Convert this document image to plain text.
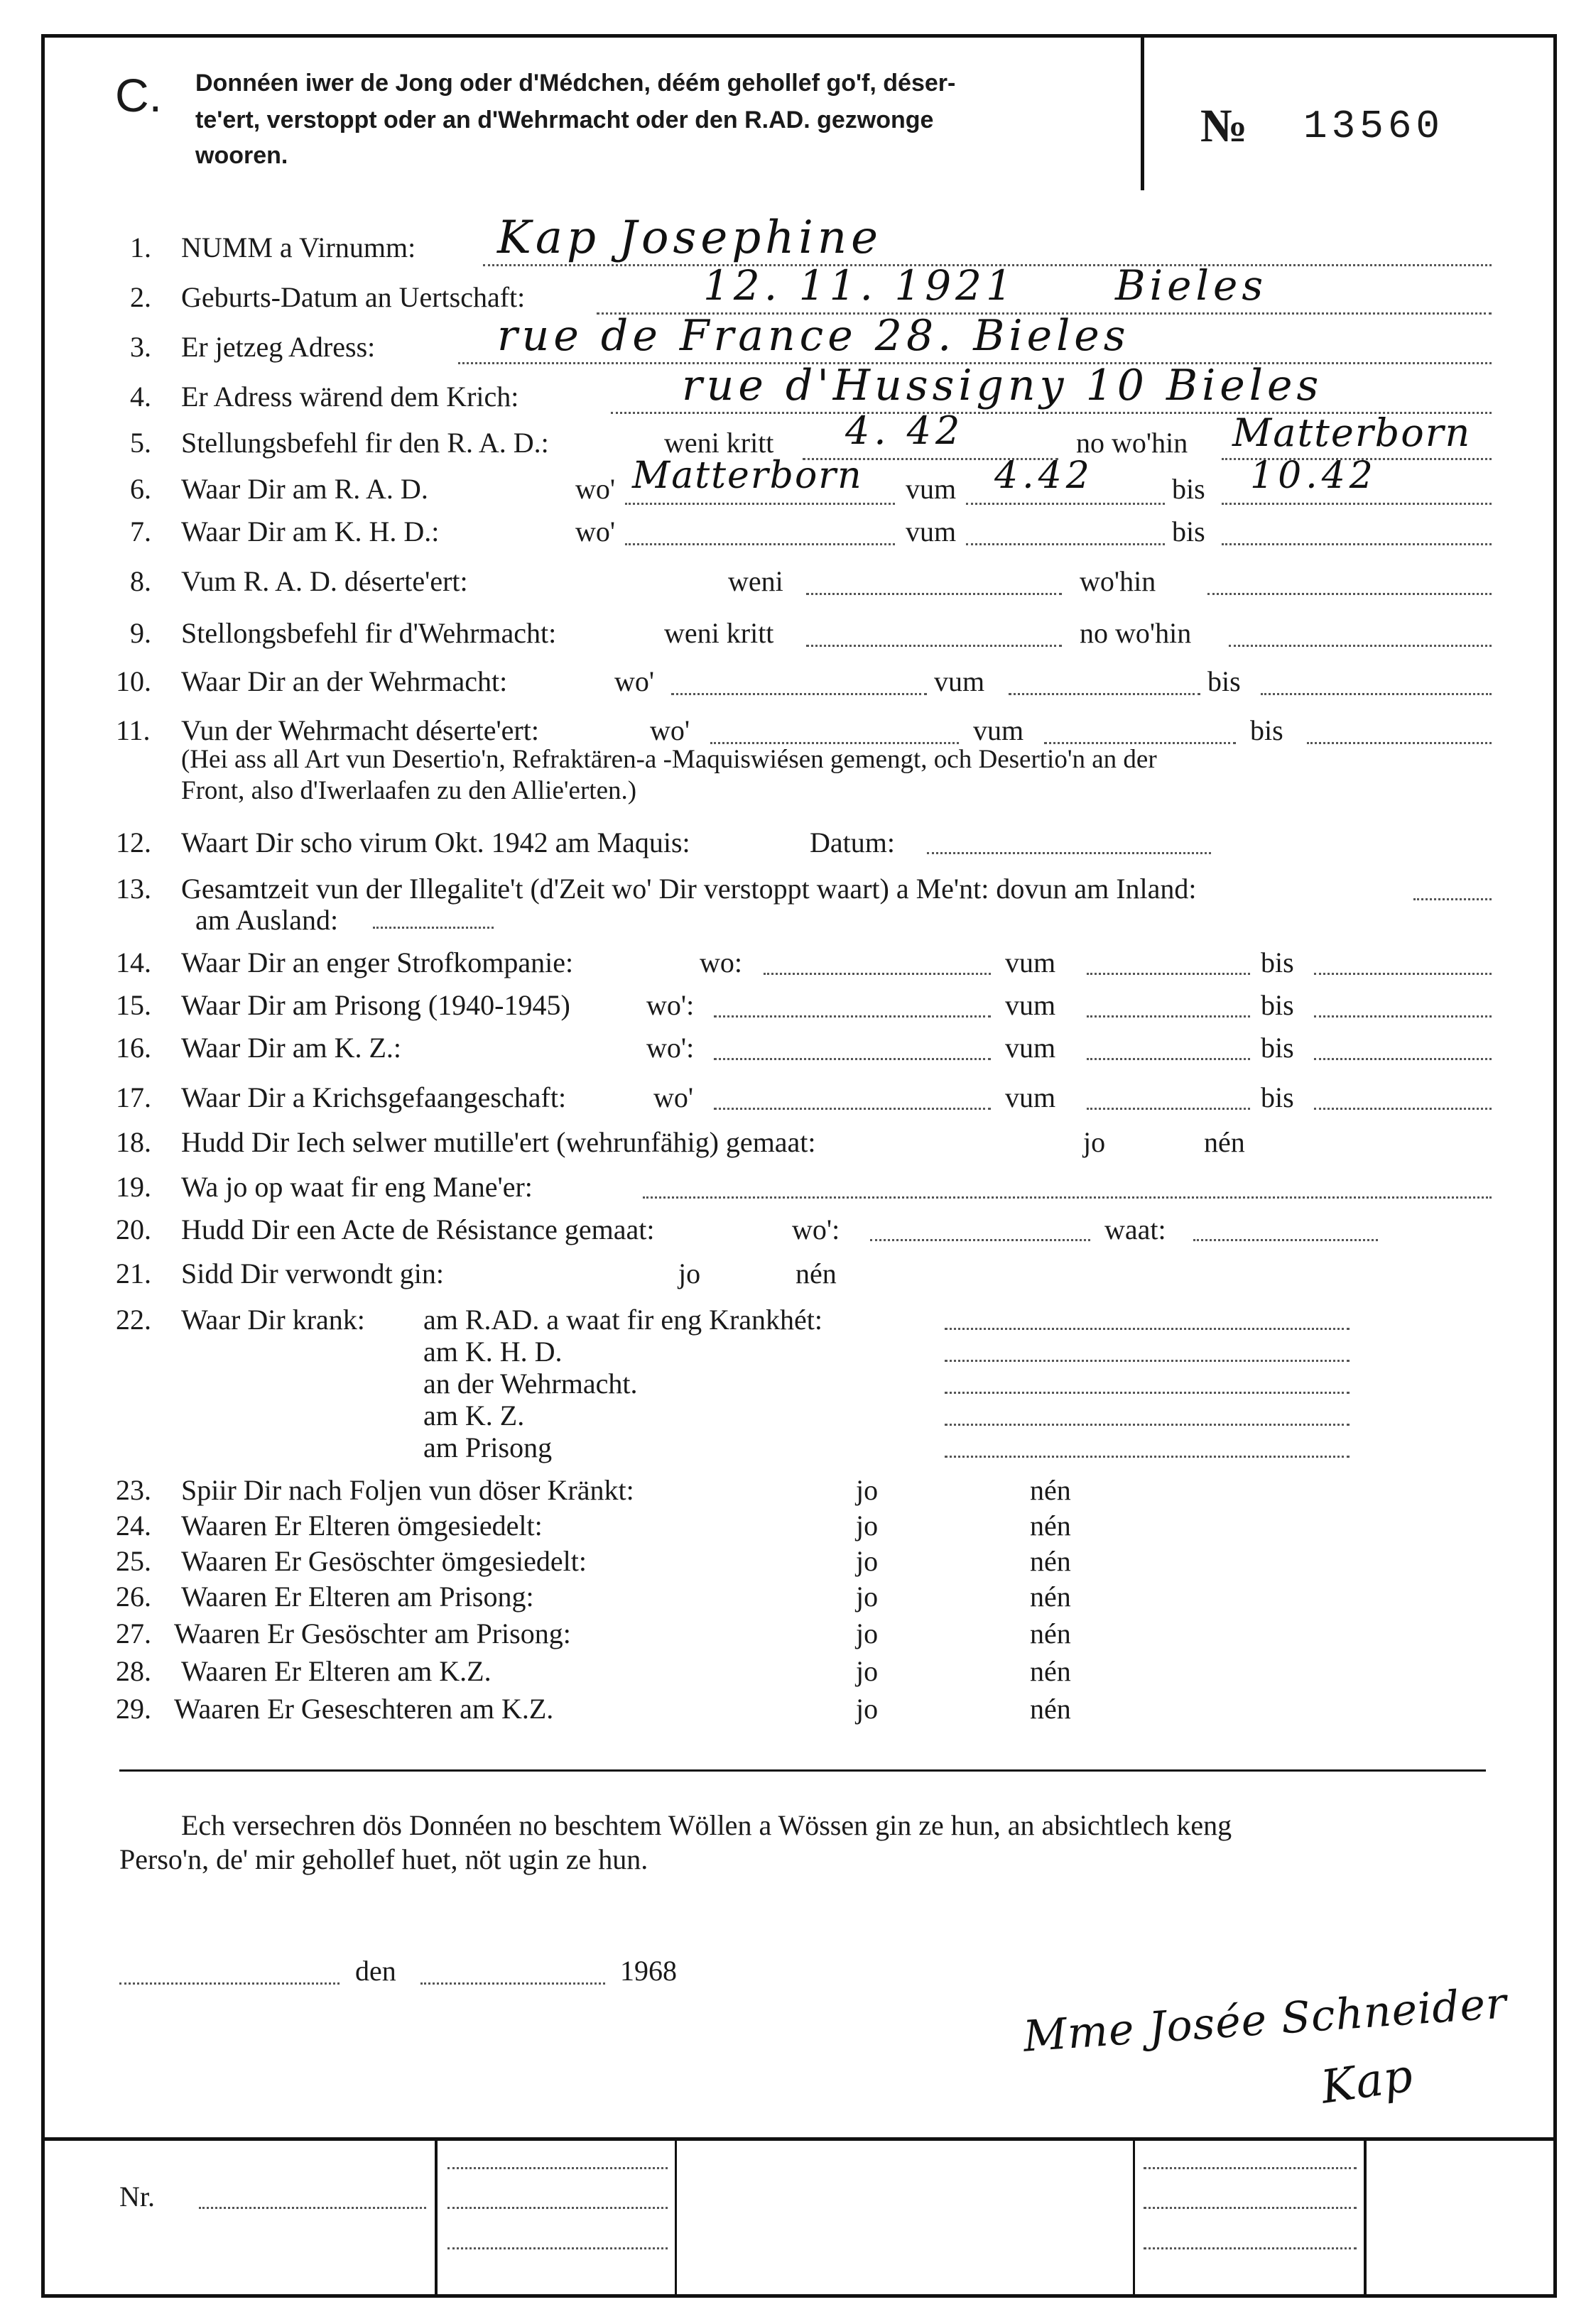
C. Donnéen iwer de Jong oder d'Médchen, déém gehollef go'f, déser-
te'ert, verstoppt oder an d'Wehrmacht oder den R.AD. gezwonge
wooren.
№ 13560
1. NUMM a Virnumm: Kap Josephine
2. Geburts-Datum an Uertschaft:	12. 11. 1921 Bieles
3. Er jetzeg Adress:	rue de France 28. Bieles
4. Er Adress wärend dem Krich:	rue d'Hussigny 10 Bieles
5. Stellungsbefehl fir den R. A. D.:	weni kritt 4. 42	no wo'hin Matterborn
6. Waar Dir am R. A. D.	wo' Matterborn vum 4.42	bis 10.42
7. Waar Dir am K. H. D.:	wo'	vum	bis
8. Vum R. A. D. déserte'ert:	weni	wo'hin
9. Stellongsbefehl fir d'Wehrmacht:	weni kritt	no wo'hin
10. Waar Dir an der Wehrmacht:	wo'	vum	bis
11. Vun der Wehrmacht déserte'ert:	wo'	vum	bis
(Hei ass all Art vun Desertio'n, Refraktären-a -Maquiswiésen gemengt, och Desertio'n an der
Front, also d'Iwerlaafen zu den Allie'erten.)
12. Waart Dir scho virum Okt. 1942 am Maquis:	Datum:
13. Gesamtzeit vun der Illegalite't (d'Zeit wo' Dir verstoppt waart) a Me'nt: dovun am Inland:
am Ausland:
14. Waar Dir an enger Strofkompanie:	wo:	vum	bis
15. Waar Dir am Prisong (1940-1945)	wo':	vum	bis
16. Waar Dir am K. Z.:	wo':	vum	bis
17. Waar Dir a Krichsgefaangeschaft:	wo'	vum	bis
18. Hudd Dir Iech selwer mutille'ert (wehrunfähig) gemaat:	jo	nén
19. Wa jo op waat fir eng Mane'er:
20. Hudd Dir een Acte de Résistance gemaat:	wo':	waat:
21. Sidd Dir verwondt gin:	jo	nén
22. Waar Dir krank: am R.AD. a waat fir eng Krankhét:
am K. H. D.
an der Wehrmacht.
am K. Z.
am Prisong
23. Spiir Dir nach Foljen vun döser Kränkt:	jo	nén
24. Waaren Er Elteren ömgesiedelt:	jo	nén
25. Waaren Er Gesöschter ömgesiedelt:	jo	nén
26. Waaren Er Elteren am Prisong:	jo	nén
27. Waaren Er Gesöschter am Prisong:	jo	nén
28. Waaren Er Elteren am K.Z.	jo	nén
29. Waaren Er Geseschteren am K.Z.	jo	nén
Ech versechren dös Donnéen no beschtem Wöllen a Wössen gin ze hun, an absichtlech keng
Perso'n, de' mir gehollef huet, nöt ugin ze hun.
den	1968
Mme Josée Schneider
Kap
Nr.
